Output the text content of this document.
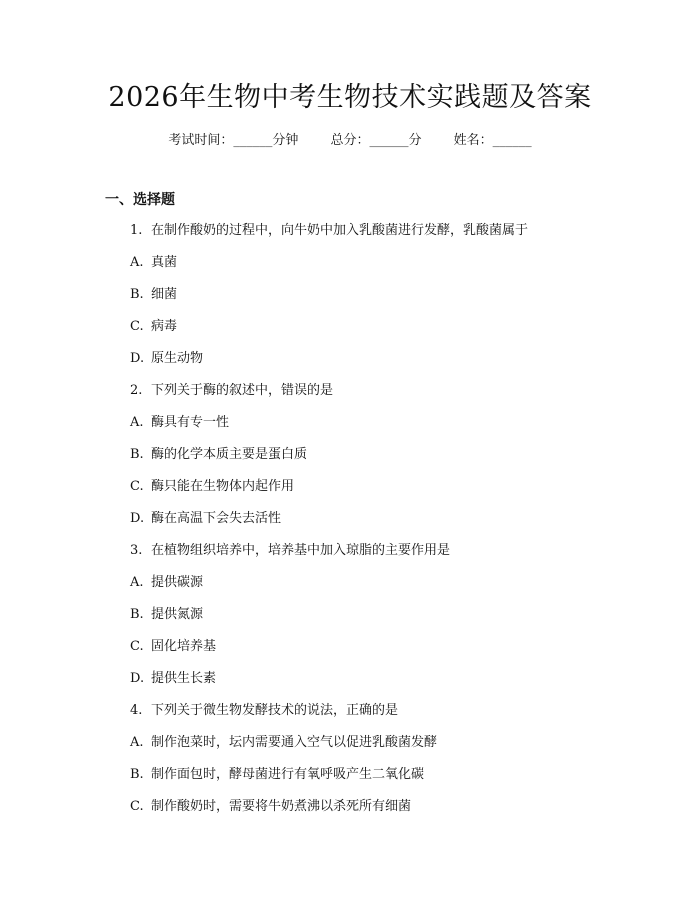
2026年生物中考生物技术实践题及答案
考试时间：______分钟 总分：______分 姓名：______
一、选择题
1. 在制作酸奶的过程中，向牛奶中加入乳酸菌进行发酵，乳酸菌属于
A. 真菌
B. 细菌
C. 病毒
D. 原生动物
2. 下列关于酶的叙述中，错误的是
A. 酶具有专一性
B. 酶的化学本质主要是蛋白质
C. 酶只能在生物体内起作用
D. 酶在高温下会失去活性
3. 在植物组织培养中，培养基中加入琼脂的主要作用是
A. 提供碳源
B. 提供氮源
C. 固化培养基
D. 提供生长素
4. 下列关于微生物发酵技术的说法，正确的是
A. 制作泡菜时，坛内需要通入空气以促进乳酸菌发酵
B. 制作面包时，酵母菌进行有氧呼吸产生二氧化碳
C. 制作酸奶时，需要将牛奶煮沸以杀死所有细菌
